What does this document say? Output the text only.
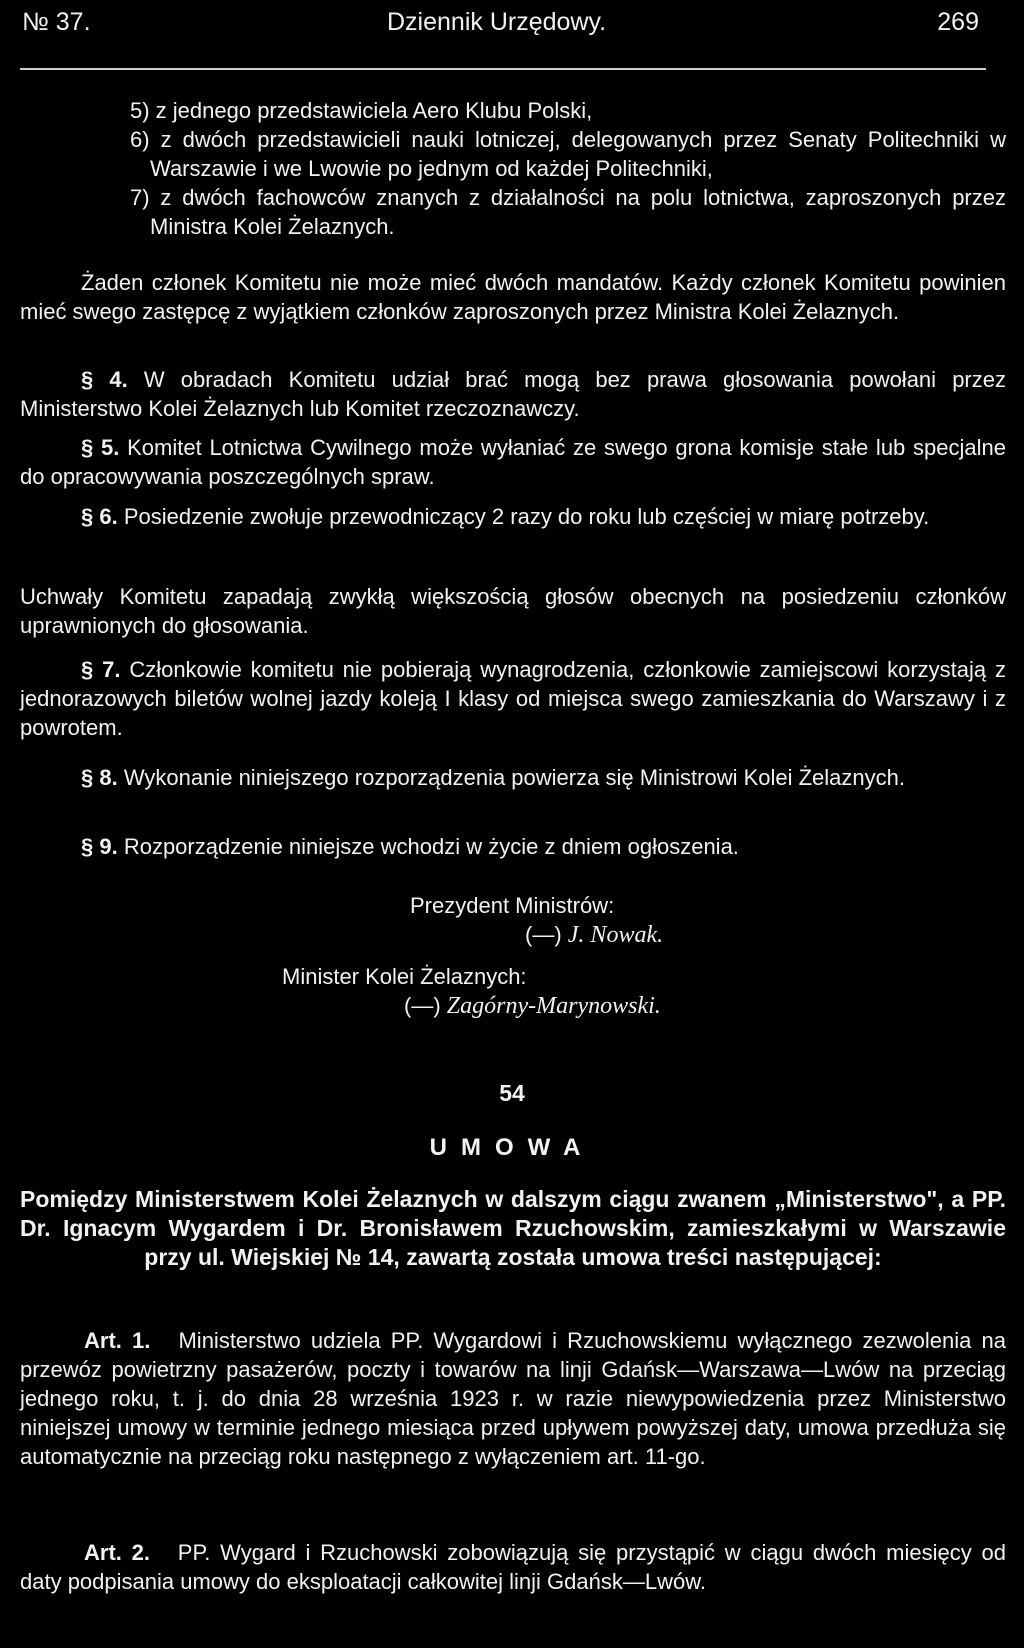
№ 37.	Dziennik Urzędowy.	269

5) z jednego przedstawiciela Aero Klubu Polski,

6) z dwóch przedstawicieli nauki lotniczej, delegowanych przez Senaty Politechniki w Warszawie i we Lwowie po jednym od każdej Politechniki,

7) z dwóch fachowców znanych z działalności na polu lotnictwa, zaproszonych przez Ministra Kolei Żelaznych.

Żaden członek Komitetu nie może mieć dwóch mandatów. Każdy członek Komitetu powinien mieć swego zastępcę z wyjątkiem członków zaproszonych przez Ministra Kolei Żelaznych.
§ 4. W obradach Komitetu udział brać mogą bez prawa głosowania powołani przez Ministerstwo Kolei Żelaznych lub Komitet rzeczoznawczy.
§ 5. Komitet Lotnictwa Cywilnego może wyłaniać ze swego grona komisje stałe lub specjalne do opracowywania poszczególnych spraw.
§ 6. Posiedzenie zwołuje przewodniczący 2 razy do roku lub częściej w miarę potrzeby.
Uchwały Komitetu zapadają zwykłą większością głosów obecnych na posiedzeniu członków uprawnionych do głosowania.
§ 7. Członkowie komitetu nie pobierają wynagrodzenia, członkowie zamiejscowi korzystają z jednorazowych biletów wolnej jazdy koleją I klasy od miejsca swego zamieszkania do Warszawy i z powrotem.
§ 8. Wykonanie niniejszego rozporządzenia powierza się Ministrowi Kolei Żelaznych.
§ 9. Rozporządzenie niniejsze wchodzi w życie z dniem ogłoszenia.
Prezydent Ministrów:
(—) J. Nowak.
Minister Kolei Żelaznych:
(—) Zagórny-Marynowski.
54
UMOWA
Pomiędzy Ministerstwem Kolei Żelaznych w dalszym ciągu zwanem „Ministerstwo", a PP. Dr. Ignacym Wygardem i Dr. Bronisławem Rzuchowskim, zamieszkałymi w Warszawie przy ul. Wiejskiej № 14, zawartą została umowa treści następującej:
Art. 1. Ministerstwo udziela PP. Wygardowi i Rzuchowskiemu wyłącznego zezwolenia na przewóz powietrzny pasażerów, poczty i towarów na linji Gdańsk—Warszawa—Lwów na przeciąg jednego roku, t. j. do dnia 28 września 1923 r. w razie niewypowiedzenia przez Ministerstwo niniejszej umowy w terminie jednego miesiąca przed upływem powyższej daty, umowa przedłuża się automatycznie na przeciąg roku następnego z wyłączeniem art. 11-go.
Art. 2. PP. Wygard i Rzuchowski zobowiązują się przystąpić w ciągu dwóch miesięcy od daty podpisania umowy do eksploatacji całkowitej linji Gdańsk—Lwów.
